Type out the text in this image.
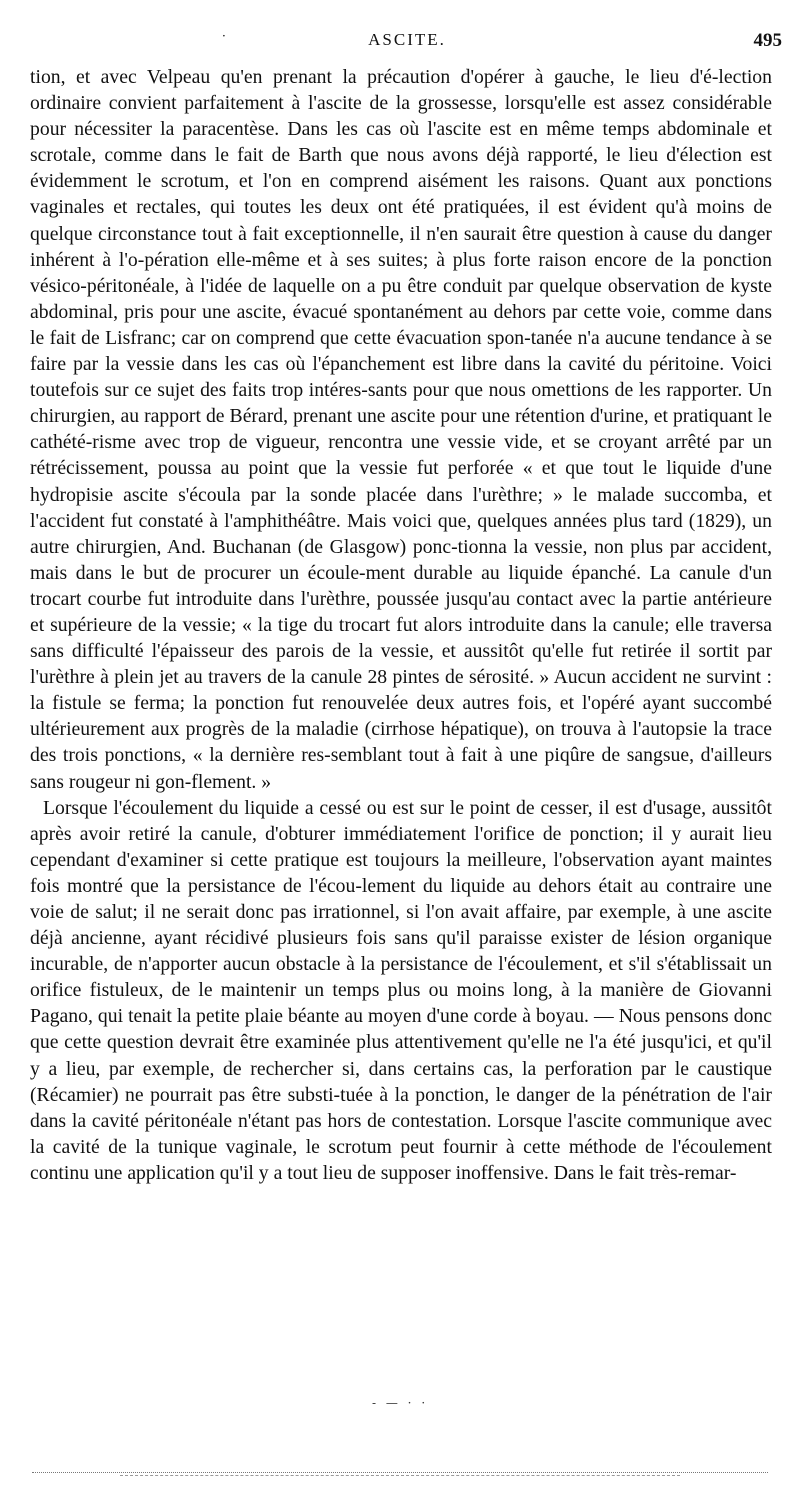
·	ASCITE.	495

tion, et avec Velpeau qu'en prenant la précaution d'opérer à gauche, le lieu d'é-lection ordinaire convient parfaitement à l'ascite de la grossesse, lorsqu'elle est assez considérable pour nécessiter la paracentèse. Dans les cas où l'ascite est en même temps abdominale et scrotale, comme dans le fait de Barth que nous avons déjà rapporté, le lieu d'élection est évidemment le scrotum, et l'on en comprend aisément les raisons. Quant aux ponctions vaginales et rectales, qui toutes les deux ont été pratiquées, il est évident qu'à moins de quelque circonstance tout à fait exceptionnelle, il n'en saurait être question à cause du danger inhérent à l'o-pération elle-même et à ses suites; à plus forte raison encore de la ponction vésico-péritonéale, à l'idée de laquelle on a pu être conduit par quelque observation de kyste abdominal, pris pour une ascite, évacué spontanément au dehors par cette voie, comme dans le fait de Lisfranc; car on comprend que cette évacuation spon-tanée n'a aucune tendance à se faire par la vessie dans les cas où l'épanchement est libre dans la cavité du péritoine. Voici toutefois sur ce sujet des faits trop intéres-sants pour que nous omettions de les rapporter. Un chirurgien, au rapport de Bérard, prenant une ascite pour une rétention d'urine, et pratiquant le cathété-risme avec trop de vigueur, rencontra une vessie vide, et se croyant arrêté par un rétrécissement, poussa au point que la vessie fut perforée « et que tout le liquide d'une hydropisie ascite s'écoula par la sonde placée dans l'urèthre; » le malade succomba, et l'accident fut constaté à l'amphithéâtre. Mais voici que, quelques années plus tard (1829), un autre chirurgien, And. Buchanan (de Glasgow) ponc-tionna la vessie, non plus par accident, mais dans le but de procurer un écoule-ment durable au liquide épanché. La canule d'un trocart courbe fut introduite dans l'urèthre, poussée jusqu'au contact avec la partie antérieure et supérieure de la vessie; « la tige du trocart fut alors introduite dans la canule; elle traversa sans difficulté l'épaisseur des parois de la vessie, et aussitôt qu'elle fut retirée il sortit par l'urèthre à plein jet au travers de la canule 28 pintes de sérosité. » Aucun accident ne survint : la fistule se ferma; la ponction fut renouvelée deux autres fois, et l'opéré ayant succombé ultérieurement aux progrès de la maladie (cirrhose hépatique), on trouva à l'autopsie la trace des trois ponctions, « la dernière res-semblant tout à fait à une piqûre de sangsue, d'ailleurs sans rougeur ni gon-flement. »

Lorsque l'écoulement du liquide a cessé ou est sur le point de cesser, il est d'usage, aussitôt après avoir retiré la canule, d'obturer immédiatement l'orifice de ponction; il y aurait lieu cependant d'examiner si cette pratique est toujours la meilleure, l'observation ayant maintes fois montré que la persistance de l'écou-lement du liquide au dehors était au contraire une voie de salut; il ne serait donc pas irrationnel, si l'on avait affaire, par exemple, à une ascite déjà ancienne, ayant récidivé plusieurs fois sans qu'il paraisse exister de lésion organique incurable, de n'apporter aucun obstacle à la persistance de l'écoulement, et s'il s'établissait un orifice fistuleux, de le maintenir un temps plus ou moins long, à la manière de Giovanni Pagano, qui tenait la petite plaie béante au moyen d'une corde à boyau. — Nous pensons donc que cette question devrait être examinée plus attentivement qu'elle ne l'a été jusqu'ici, et qu'il y a lieu, par exemple, de rechercher si, dans certains cas, la perforation par le caustique (Récamier) ne pourrait pas être substi-tuée à la ponction, le danger de la pénétration de l'air dans la cavité péritonéale n'étant pas hors de contestation. Lorsque l'ascite communique avec la cavité de la tunique vaginale, le scrotum peut fournir à cette méthode de l'écoulement continu une application qu'il y a tout lieu de supposer inoffensive. Dans le fait très-remar-

- — · ·
